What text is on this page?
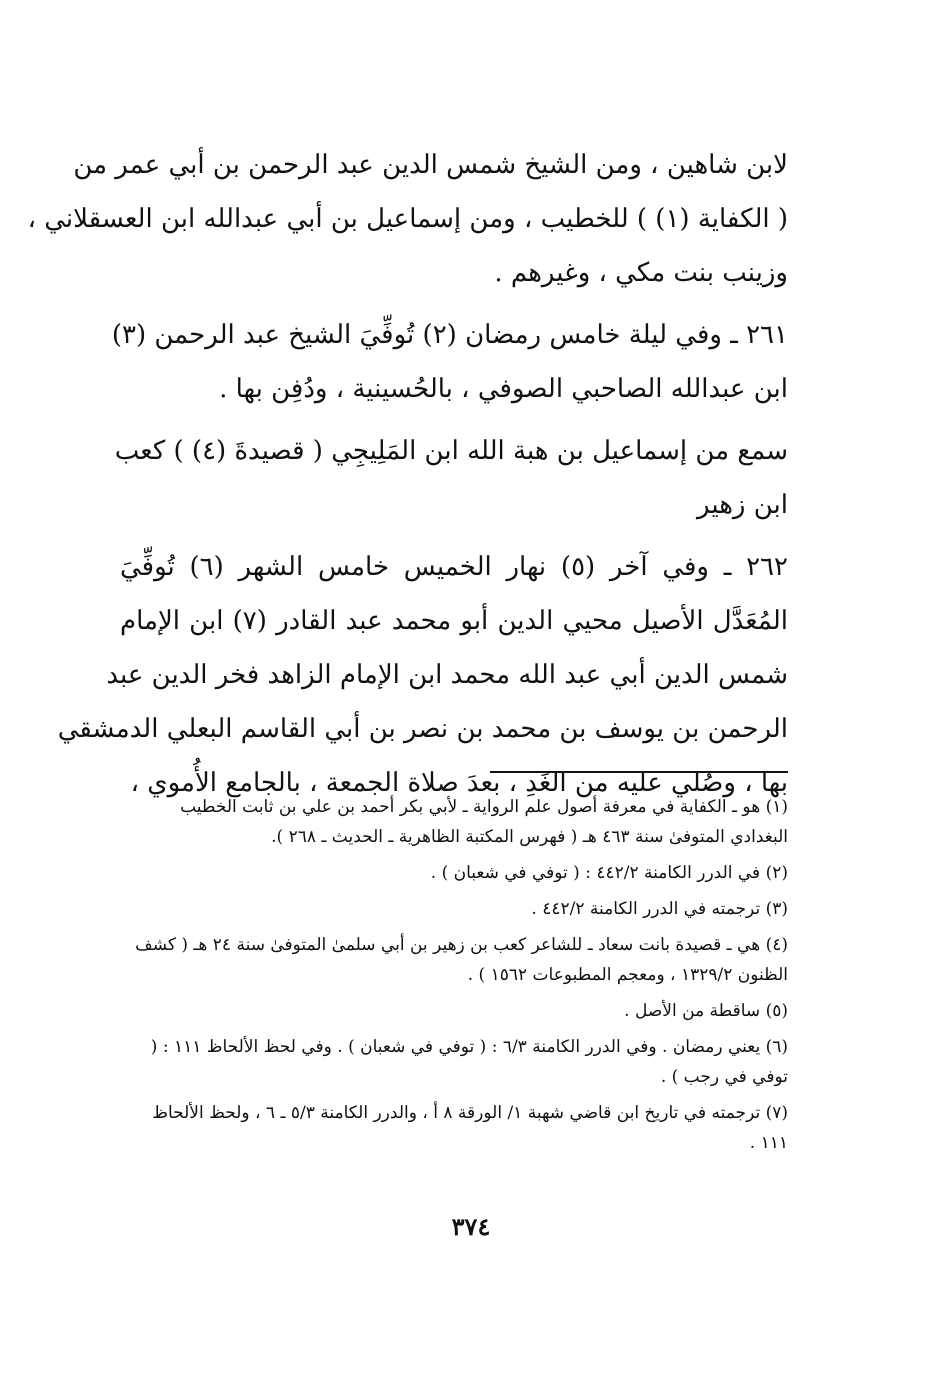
لابن شاهين ، ومن الشيخ شمس الدين عبد الرحمن بن أبي عمر من
( الكفاية (١) ) للخطيب ، ومن إسماعيل بن أبي عبدالله ابن العسقلاني ،
وزينب بنت مكي ، وغيرهم .

٢٦١ ـ وفي ليلة خامس رمضان (٢) تُوفِّيَ الشيخ عبد الرحمن (٣)
ابن عبدالله الصاحبي الصوفي ، بالحُسينية ، ودُفِن بها .

سمع من إسماعيل بن هبة الله ابن المَلِيجِي ( قصيدةَ (٤) ) كعب
ابن زهير

٢٦٢ ـ وفي آخر (٥) نهار الخميس خامس الشهر (٦) تُوفِّيَ
المُعَدَّل الأصيل محيي الدين أبو محمد عبد القادر (٧) ابن الإمام
شمس الدين أبي عبد الله محمد ابن الإمام الزاهد فخر الدين عبد
الرحمن بن يوسف بن محمد بن نصر بن أبي القاسم البعلي الدمشقي
بها ، وصُلي عليه من الغَدِ ، بعدَ صلاة الجمعة ، بالجامع الأُموي ،

(١) هو ـ الكفاية في معرفة أصول علم الرواية ـ لأبي بكر أحمد بن علي بن ثابت الخطيب البغدادي المتوفىٰ سنة ٤٦٣ هـ ( فهرس المكتبة الظاهرية ـ الحديث ـ ٢٦٨ ).

(٢) في الدرر الكامنة ٤٤٢/٢ : ( توفي في شعبان ) .

(٣) ترجمته في الدرر الكامنة ٤٤٢/٢ .

(٤) هي ـ قصيدة بانت سعاد ـ للشاعر كعب بن زهير بن أبي سلمىٰ المتوفىٰ سنة ٢٤ هـ ( كشف الظنون ١٣٢٩/٢ ، ومعجم المطبوعات ١٥٦٢ ) .

(٥) ساقطة من الأصل .

(٦) يعني رمضان . وفي الدرر الكامنة ٦/٣ : ( توفي في شعبان ) . وفي لحظ الألحاظ ١١١ : ( توفي في رجب ) .

(٧) ترجمته في تاريخ ابن قاضي شهبة ١/ الورقة ٨ أ ، والدرر الكامنة ٥/٣ ـ ٦ ، ولحظ الألحاظ ١١١ .

٣٧٤
